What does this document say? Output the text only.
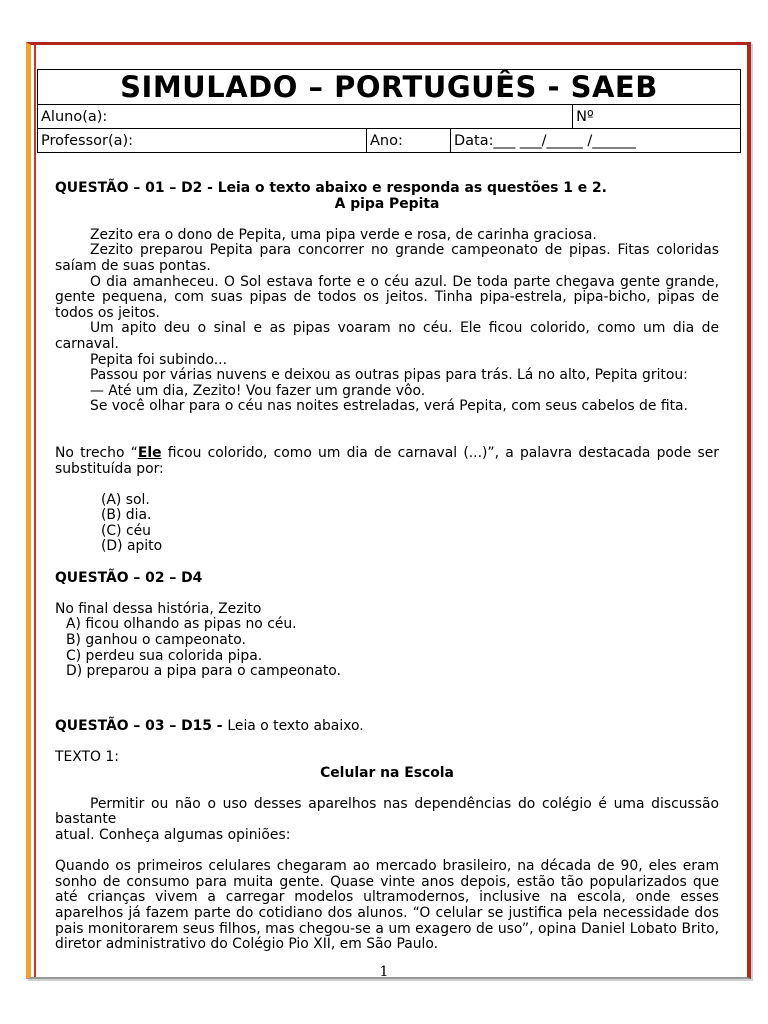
SIMULADO – PORTUGUÊS - SAEB			
Aluno(a):			Nº
Professor(a):	Ano:	Data:___ ___/_____ /______	

QUESTÃO – 01 – D2 - Leia o texto abaixo e responda as questões 1 e 2.

A pipa Pepita

Zezito era o dono de Pepita, uma pipa verde e rosa, de carinha graciosa.

Zezito preparou Pepita para concorrer no grande campeonato de pipas. Fitas coloridas saíam de suas pontas.

O dia amanheceu. O Sol estava forte e o céu azul. De toda parte chegava gente grande, gente pequena, com suas pipas de todos os jeitos. Tinha pipa-estrela, pipa-bicho, pipas de todos os jeitos.

Um apito deu o sinal e as pipas voaram no céu. Ele ficou colorido, como um dia de carnaval.

Pepita foi subindo...

Passou por várias nuvens e deixou as outras pipas para trás. Lá no alto, Pepita gritou:

— Até um dia, Zezito! Vou fazer um grande vôo.

Se você olhar para o céu nas noites estreladas, verá Pepita, com seus cabelos de fita.

No trecho “Ele ficou colorido, como um dia de carnaval (...)”, a palavra destacada pode ser substituída por:

(A) sol.

(B) dia.

(C) céu

(D) apito

QUESTÃO – 02 – D4

No final dessa história, Zezito

A) ficou olhando as pipas no céu.

B) ganhou o campeonato.

C) perdeu sua colorida pipa.

D) preparou a pipa para o campeonato.

QUESTÃO – 03 – D15 - Leia o texto abaixo.

TEXTO 1:

Celular na Escola

Permitir ou não o uso desses aparelhos nas dependências do colégio é uma discussão bastante

atual. Conheça algumas opiniões:

Quando os primeiros celulares chegaram ao mercado brasileiro, na década de 90, eles eram sonho de consumo para muita gente. Quase vinte anos depois, estão tão popularizados que até crianças vivem a carregar modelos ultramodernos, inclusive na escola, onde esses aparelhos já fazem parte do cotidiano dos alunos. “O celular se justifica pela necessidade dos pais monitorarem seus filhos, mas chegou-se a um exagero de uso”, opina Daniel Lobato Brito, diretor administrativo do Colégio Pio XII, em São Paulo.

1
